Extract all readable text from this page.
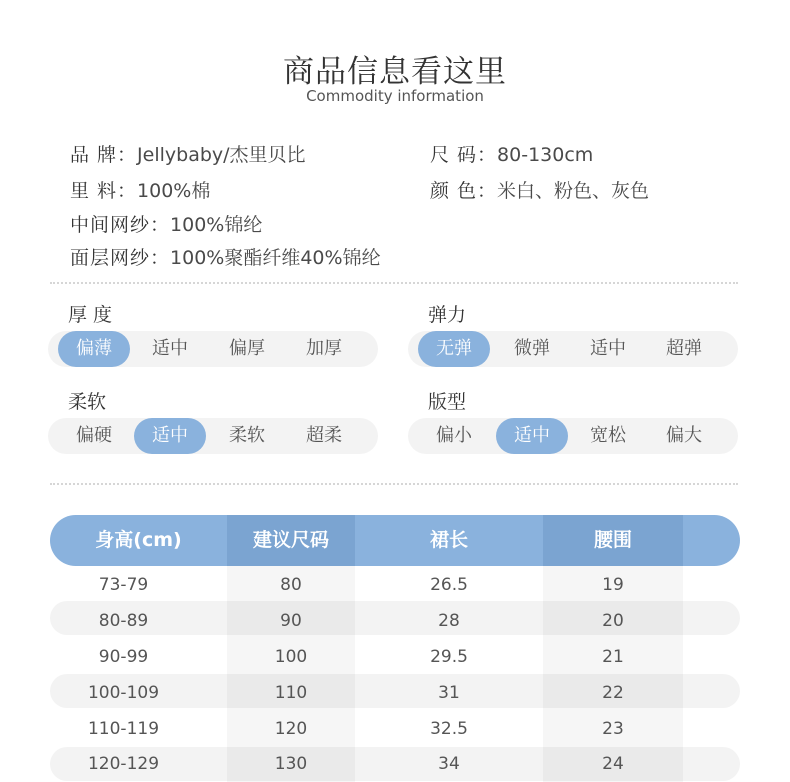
商品信息看这里
Commodity information
品 牌：Jellybaby/杰里贝比
里 料：100%棉
中间网纱：100%锦纶
面层网纱：100%聚酯纤维40%锦纶
尺 码：80-130cm
颜 色：米白、粉色、灰色
厚 度
偏薄	适中	偏厚	加厚
弹力
无弹	微弹	适中	超弹
柔软
偏硬	适中	柔软	超柔
版型
偏小	适中	宽松	偏大
身高(cm)	建议尺码	裙长	腰围
73-79	80	26.5	19
80-89	90	28	20
90-99	100	29.5	21
100-109	110	31	22
110-119	120	32.5	23
120-129	130	34	24
